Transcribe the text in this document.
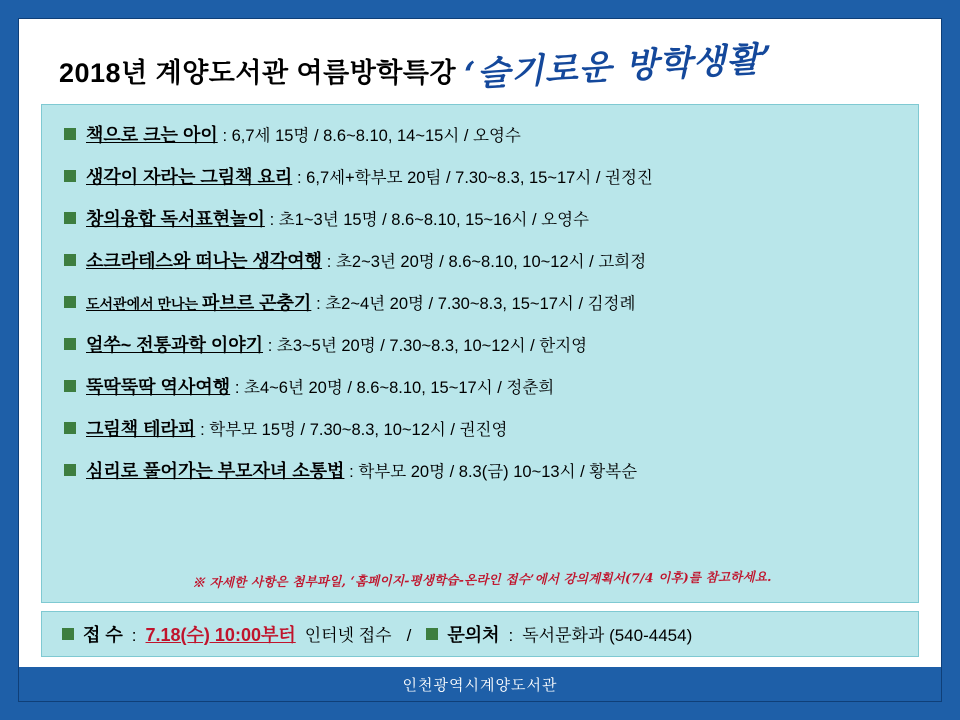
2018년 계양도서관 여름방학특강 ‘슬기로운 방학생활’
책으로 크는 아이 : 6,7세 15명 / 8.6~8.10, 14~15시 / 오영수
생각이 자라는 그림책 요리 : 6,7세+학부모 20팀 / 7.30~8.3, 15~17시 / 권정진
창의융합 독서표현놀이 : 초1~3년 15명 / 8.6~8.10, 15~16시 / 오영수
소크라테스와 떠나는 생각여행 : 초2~3년 20명 / 8.6~8.10, 10~12시 / 고희정
도서관에서 만나는 파브르 곤충기 : 초2~4년 20명 / 7.30~8.3, 15~17시 / 김정례
얼쑤~ 전통과학 이야기 : 초3~5년 20명 / 7.30~8.3, 10~12시 / 한지영
뚝딱뚝딱 역사여행 : 초4~6년 20명 / 8.6~8.10, 15~17시 / 정춘희
그림책 테라피 : 학부모 15명 / 7.30~8.3, 10~12시 / 권진영
심리로 풀어가는 부모자녀 소통법 : 학부모 20명 / 8.3(금) 10~13시 / 황복순
※ 자세한 사항은 첨부파일, ‘홈페이지-평생학습-온라인 접수’에서 강의계획서(7/4 이후)를 참고하세요.
접 수 : 7.18(수) 10:00부터 인터넷 접수 /	문의처 : 독서문화과 (540-4454)
인천광역시계양도서관
